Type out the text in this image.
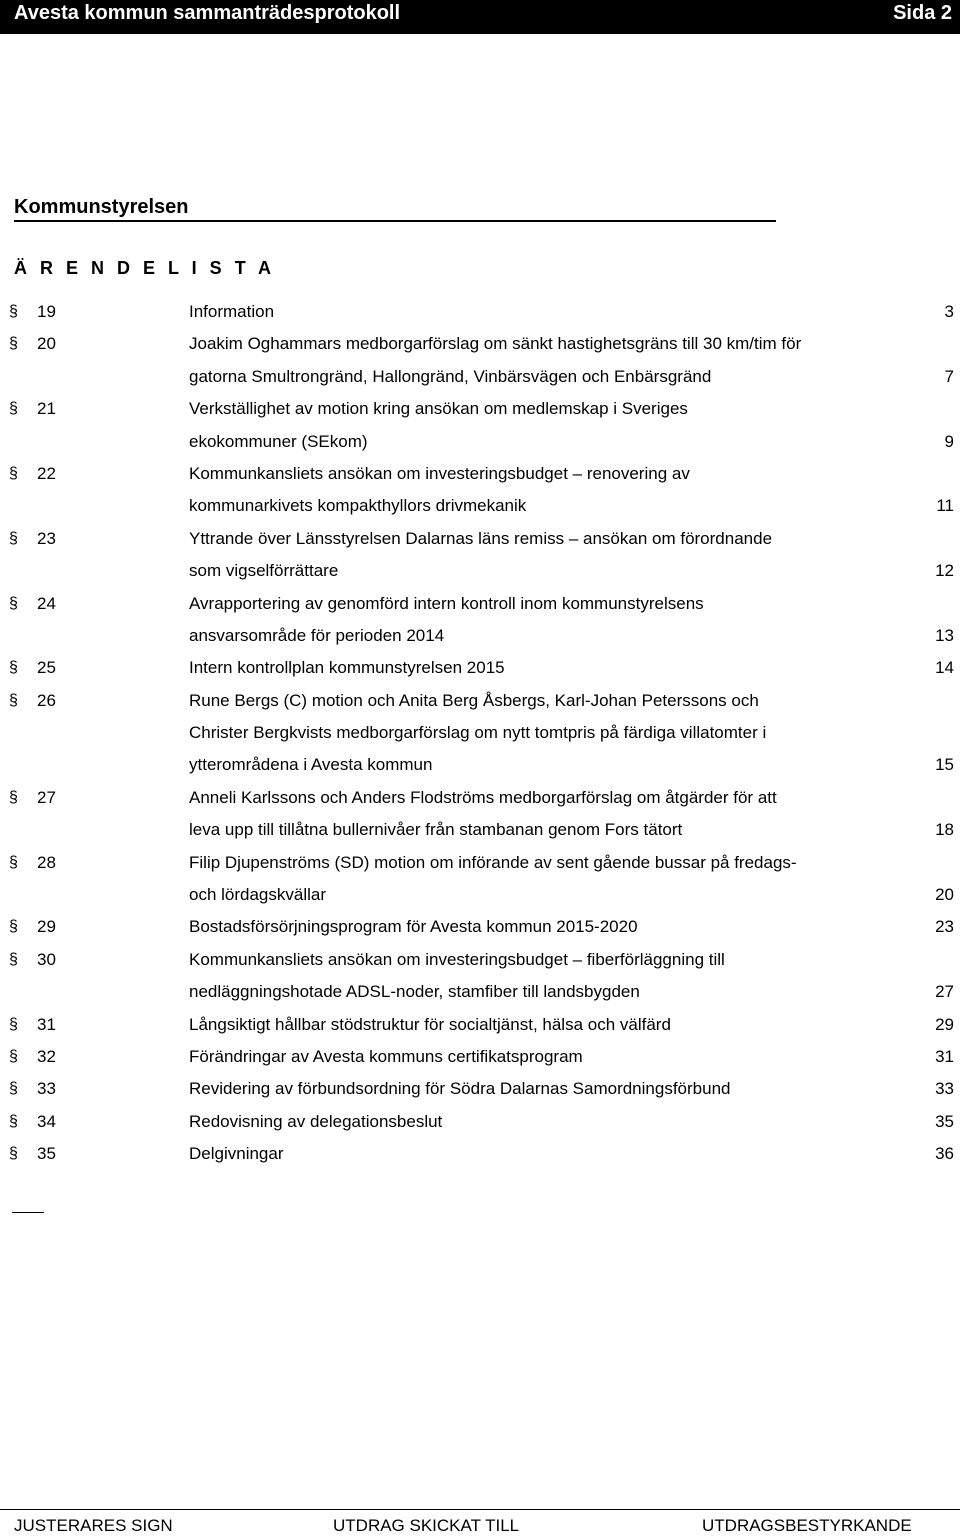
Avesta kommun sammanträdesprotokoll	Sida 2
Kommunstyrelsen
Ä R E N D E L I S T A
§ 19	Information	3
§ 20	Joakim Oghammars medborgarförslag om sänkt hastighetsgräns till 30 km/tim för
gatorna Smultrongränd, Hallongränd, Vinbärsvägen och Enbärsgränd	7
§ 21	Verkställighet av motion kring ansökan om medlemskap i Sveriges
ekokommuner (SEkom)	9
§ 22	Kommunkansliets ansökan om investeringsbudget – renovering av
kommunarkivets kompakthyllors drivmekanik	11
§ 23	Yttrande över Länsstyrelsen Dalarnas läns remiss – ansökan om förordnande
som vigselförrättare	12
§ 24	Avrapportering av genomförd intern kontroll inom kommunstyrelsens
ansvarsområde för perioden 2014	13
§ 25	Intern kontrollplan kommunstyrelsen 2015	14
§ 26	Rune Bergs (C) motion och Anita Berg Åsbergs, Karl-Johan Peterssons och
Christer Bergkvists medborgarförslag om nytt tomtpris på färdiga villatomter i
ytterområdena i Avesta kommun	15
§ 27	Anneli Karlssons och Anders Flodströms medborgarförslag om åtgärder för att
leva upp till tillåtna bullernivåer från stambanan genom Fors tätort	18
§ 28	Filip Djupenströms (SD) motion om införande av sent gående bussar på fredags-
och lördagskvällar	20
§ 29	Bostadsförsörjningsprogram för Avesta kommun 2015-2020	23
§ 30	Kommunkansliets ansökan om investeringsbudget – fiberförläggning till
nedläggningshotade ADSL-noder, stamfiber till landsbygden	27
§ 31	Långsiktigt hållbar stödstruktur för socialtjänst, hälsa och välfärd	29
§ 32	Förändringar av Avesta kommuns certifikatsprogram	31
§ 33	Revidering av förbundsordning för Södra Dalarnas Samordningsförbund	33
§ 34	Redovisning av delegationsbeslut	35
§ 35	Delgivningar	36
JUSTERARES SIGN	UTDRAG SKICKAT TILL	UTDRAGSBESTYRKANDE
